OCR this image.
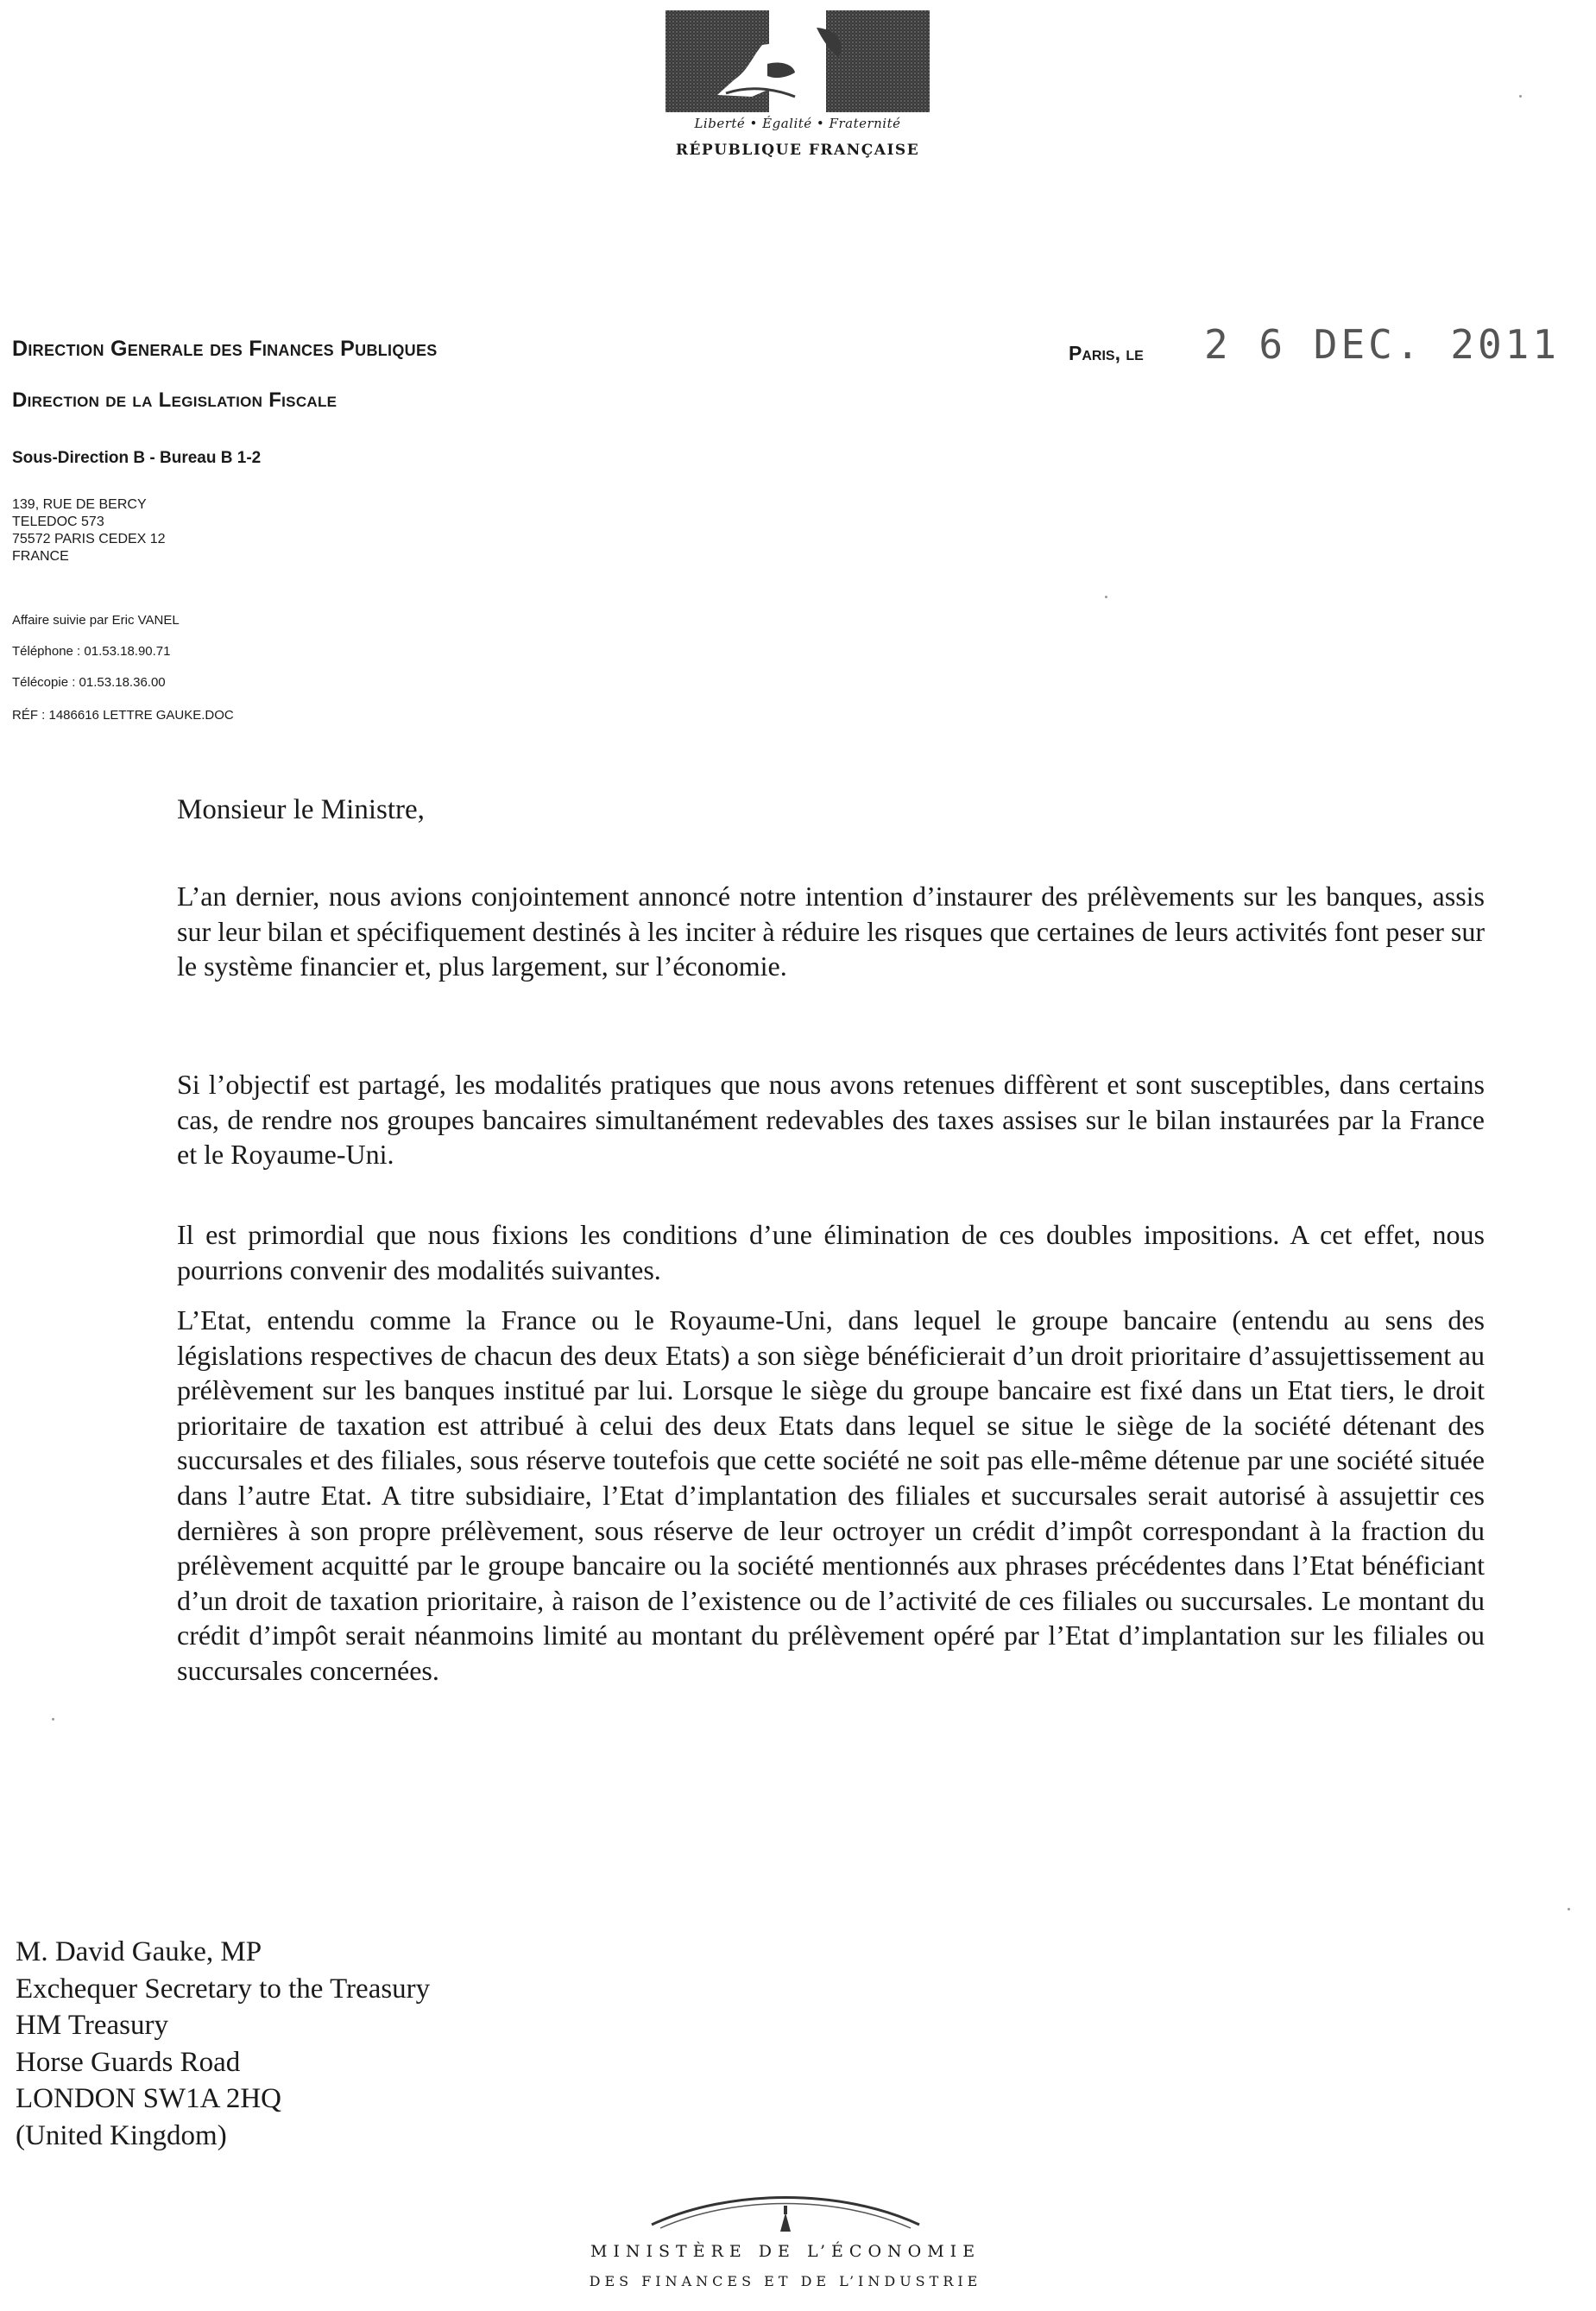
Liberté • Égalité • Fraternité
RÉPUBLIQUE FRANÇAISE
Direction Generale des Finances Publiques
Direction de la Legislation Fiscale
Sous-Direction B - Bureau B 1-2
139, RUE DE BERCY
TELEDOC 573
75572 PARIS CEDEX 12
FRANCE
Affaire suivie par Eric VANEL
Téléphone : 01.53.18.90.71
Télécopie : 01.53.18.36.00
RÉF : 1486616 LETTRE GAUKE.DOC
Paris, le 2 6 DEC. 2011
Monsieur le Ministre,

L’an dernier, nous avions conjointement annoncé notre intention d’instaurer des prélèvements sur les banques, assis sur leur bilan et spécifiquement destinés à les inciter à réduire les risques que certaines de leurs activités font peser sur le système financier et, plus largement, sur l’économie.

Si l’objectif est partagé, les modalités pratiques que nous avons retenues diffèrent et sont susceptibles, dans certains cas, de rendre nos groupes bancaires simultanément redevables des taxes assises sur le bilan instaurées par la France et le Royaume-Uni.

Il est primordial que nous fixions les conditions d’une élimination de ces doubles impositions. A cet effet, nous pourrions convenir des modalités suivantes.

L’Etat, entendu comme la France ou le Royaume-Uni, dans lequel le groupe bancaire (entendu au sens des législations respectives de chacun des deux Etats) a son siège bénéficierait d’un droit prioritaire d’assujettissement au prélèvement sur les banques institué par lui. Lorsque le siège du groupe bancaire est fixé dans un Etat tiers, le droit prioritaire de taxation est attribué à celui des deux Etats dans lequel se situe le siège de la société détenant des succursales et des filiales, sous réserve toutefois que cette société ne soit pas elle-même détenue par une société située dans l’autre Etat. A titre subsidiaire, l’Etat d’implantation des filiales et succursales serait autorisé à assujettir ces dernières à son propre prélèvement, sous réserve de leur octroyer un crédit d’impôt correspondant à la fraction du prélèvement acquitté par le groupe bancaire ou la société mentionnés aux phrases précédentes dans l’Etat bénéficiant d’un droit de taxation prioritaire, à raison de l’existence ou de l’activité de ces filiales ou succursales. Le montant du crédit d’impôt serait néanmoins limité au montant du prélèvement opéré par l’Etat d’implantation sur les filiales ou succursales concernées.

M. David Gauke, MP
Exchequer Secretary to the Treasury
HM Treasury
Horse Guards Road
LONDON SW1A 2HQ
(United Kingdom)
MINISTÈRE DE L’ÉCONOMIE
DES FINANCES ET DE L’INDUSTRIE
